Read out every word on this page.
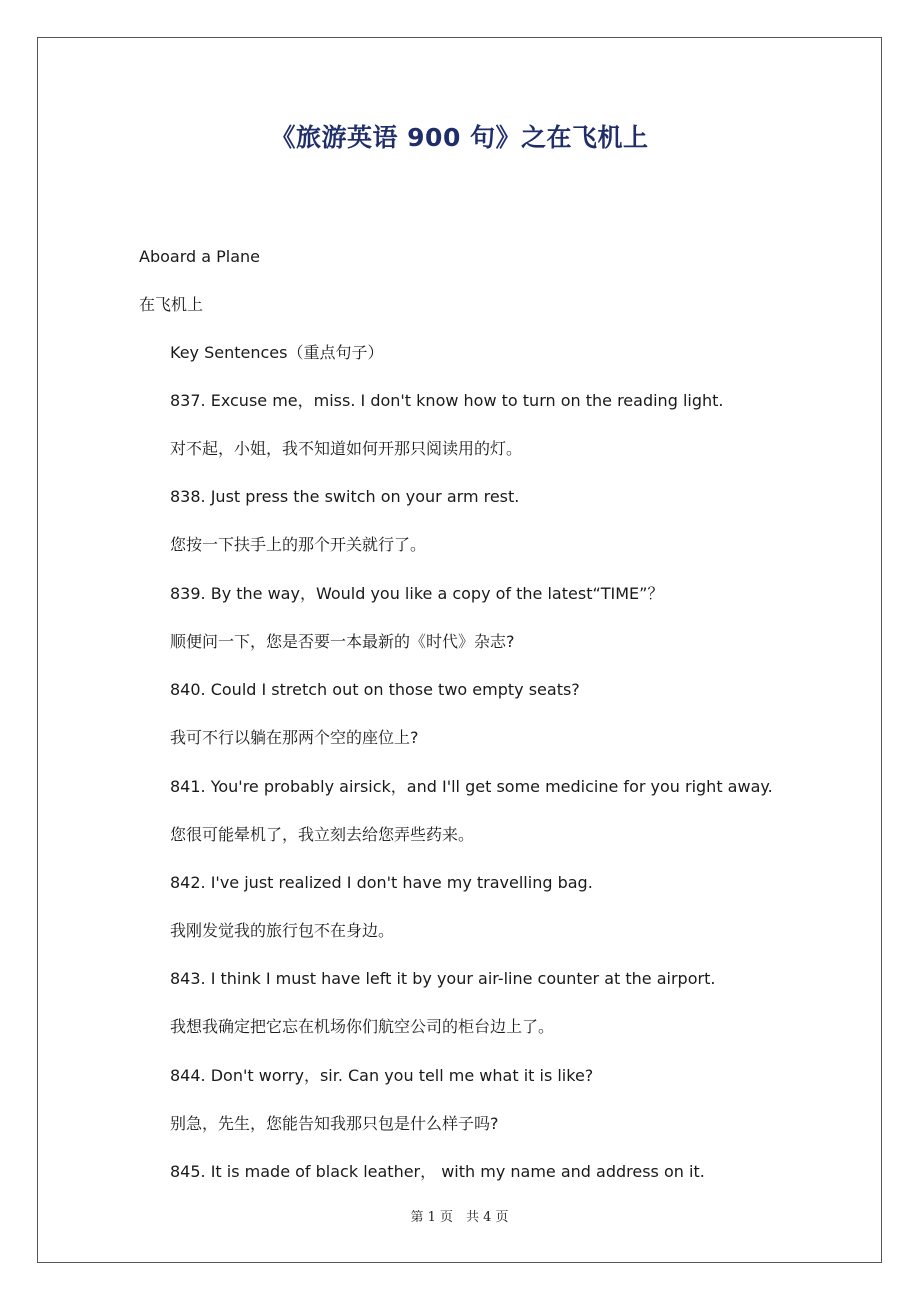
《旅游英语 900 句》之在飞机上
Aboard a Plane
在飞机上
Key Sentences（重点句子）
837. Excuse me，miss. I don't know how to turn on the reading light.
对不起，小姐，我不知道如何开那只阅读用的灯。
838. Just press the switch on your arm rest.
您按一下扶手上的那个开关就行了。
839. By the way，Would you like a copy of the latest“TIME”？
顺便问一下，您是否要一本最新的《时代》杂志?
840. Could I stretch out on those two empty seats?
我可不行以躺在那两个空的座位上?
841. You're probably airsick，and I'll get some medicine for you right away.
您很可能晕机了，我立刻去给您弄些药来。
842. I've just realized I don't have my travelling bag.
我刚发觉我的旅行包不在身边。
843. I think I must have left it by your air-line counter at the airport.
我想我确定把它忘在机场你们航空公司的柜台边上了。
844. Don't worry，sir. Can you tell me what it is like?
别急，先生，您能告知我那只包是什么样子吗?
845. It is made of black leather， with my name and address on it.
第 1 页　共 4 页
